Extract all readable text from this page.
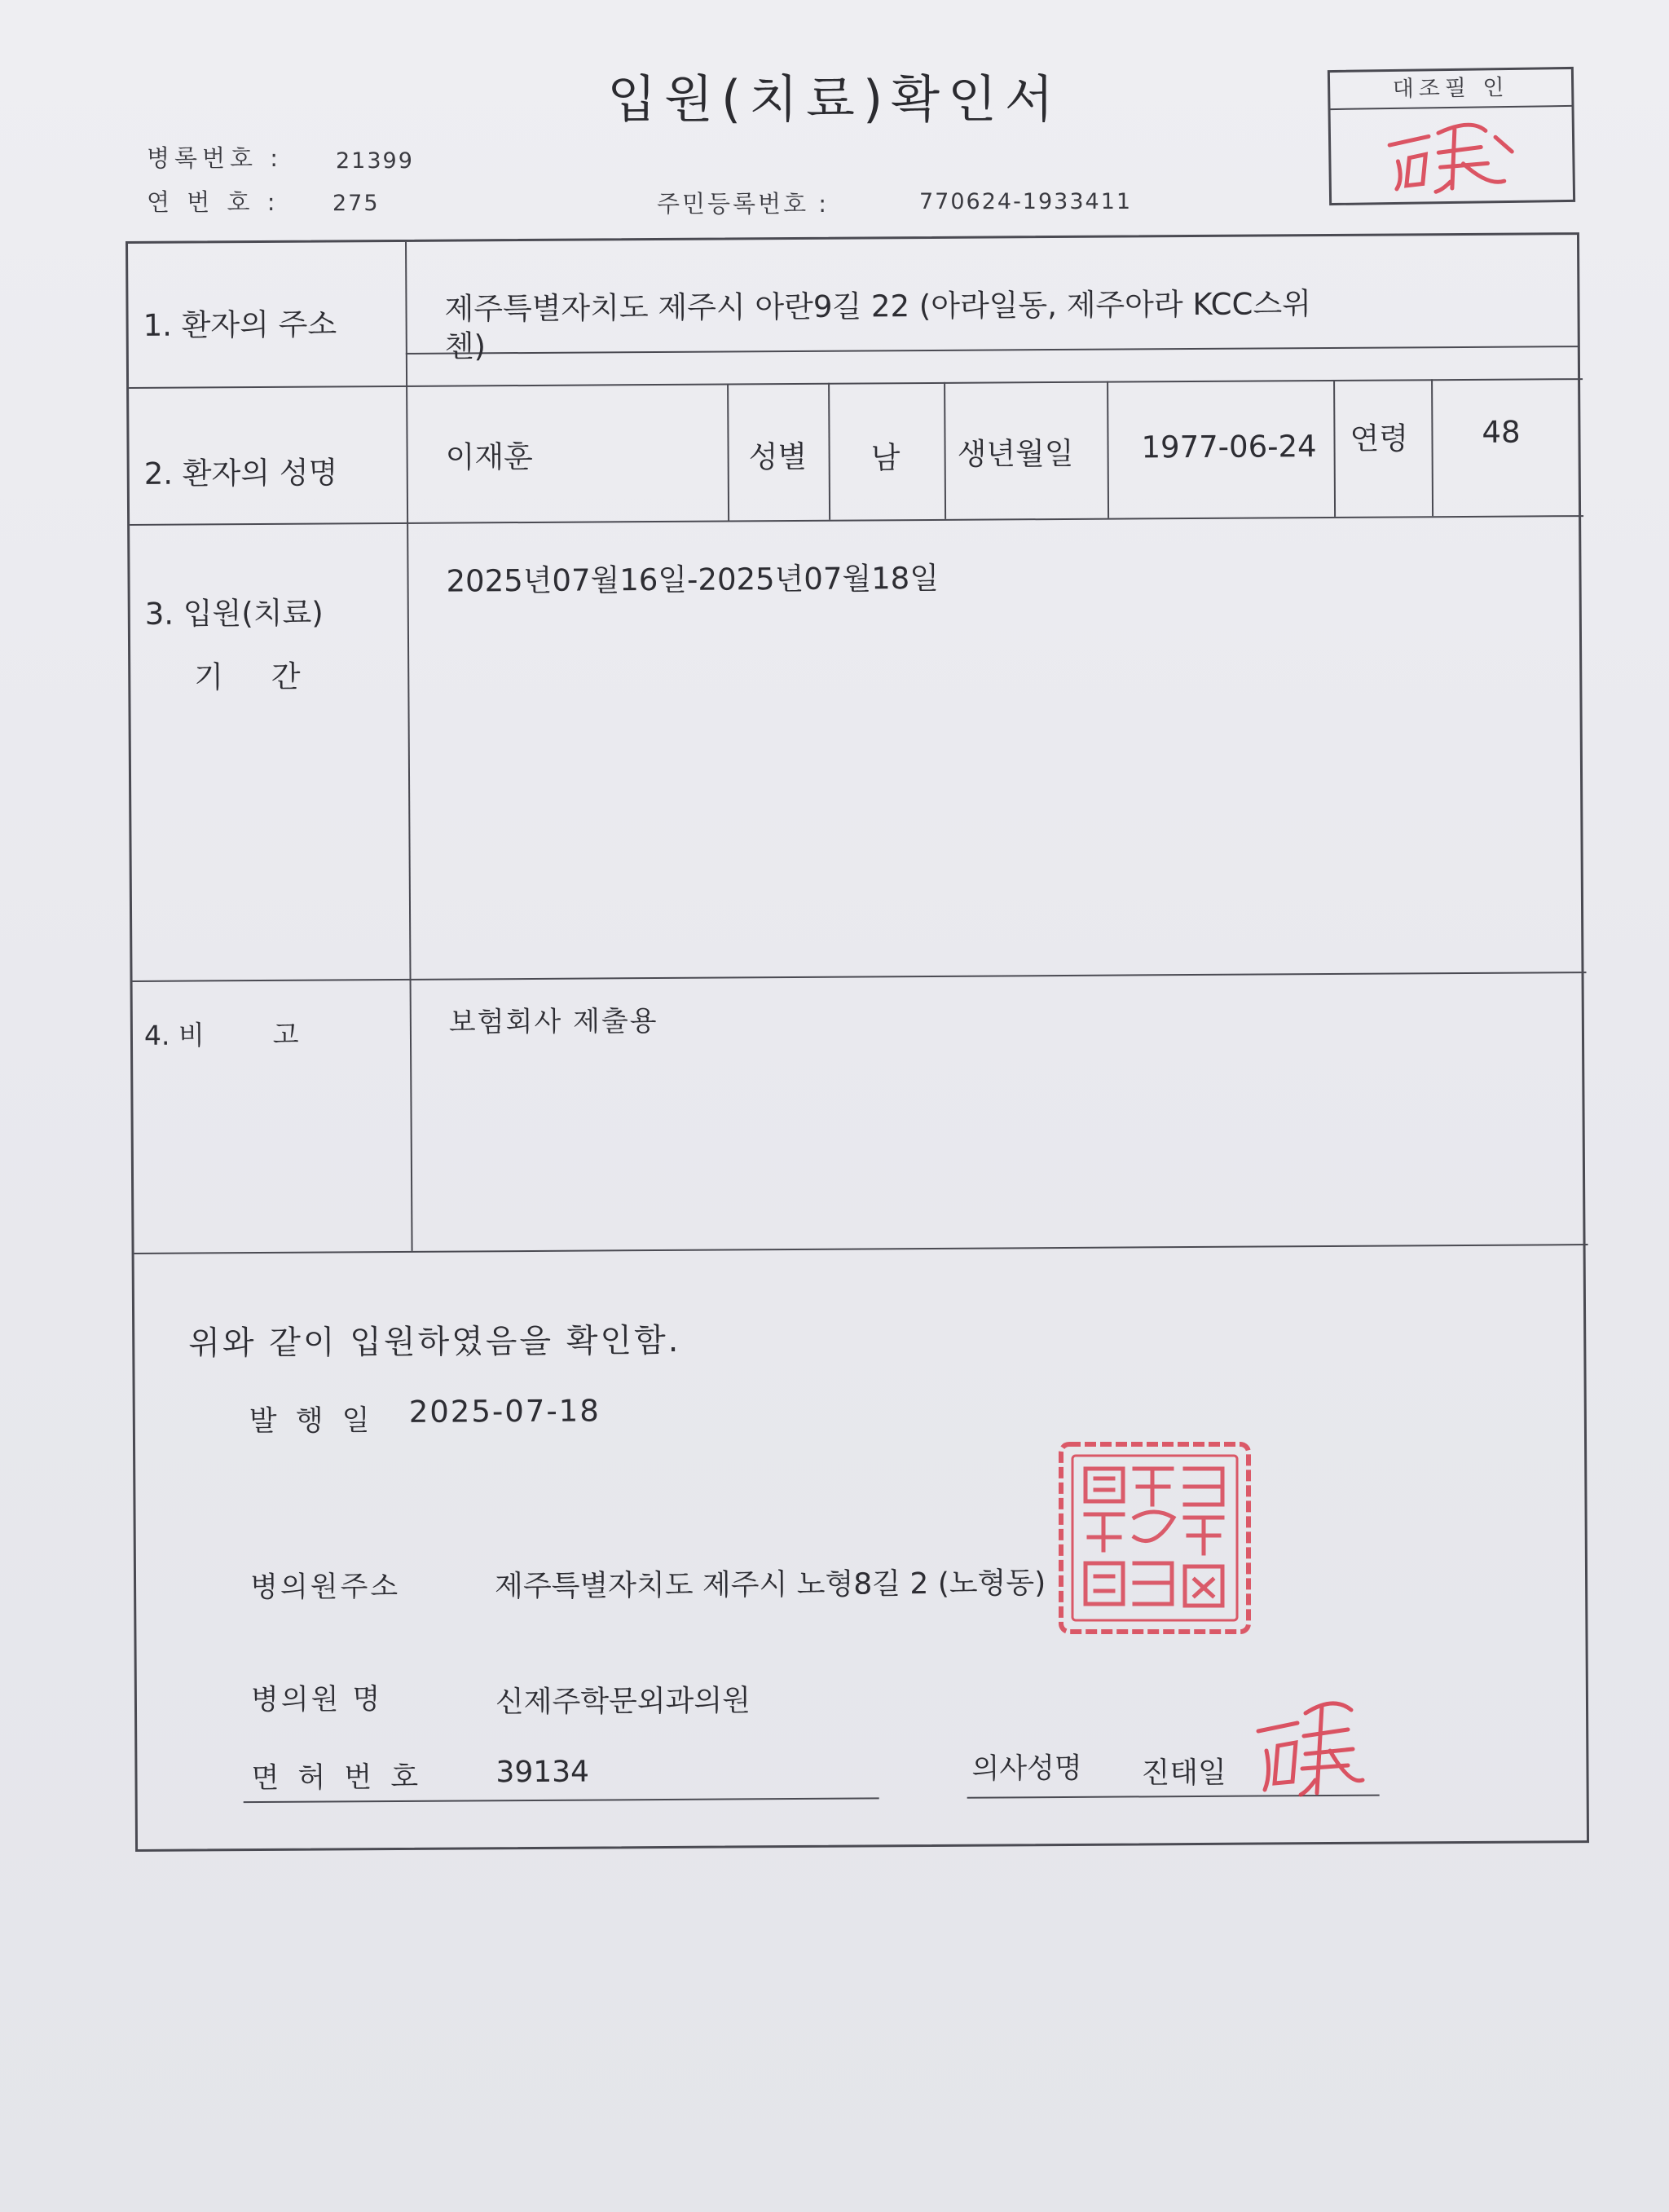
입원(치료)확인서
병록번호 : 21399
연 번 호 : 275	주민등록번호 :	770624-1933411
대조필 인
1. 환자의 주소	제주특별자치도 제주시 아란9길 22 (아라일동, 제주아라 KCC스위
첸)
2. 환자의 성명	이재훈	성별 남 생년월일 1977-06-24 연령 48
3. 입원(치료)
기     간
2025년07월16일-2025년07월18일
4. 비        고	보험회사 제출용
위와 같이 입원하였음을 확인함.
발 행 일 2025-07-18
병의원주소	제주특별자치도 제주시 노형8길 2 (노형동)
병의원 명	신제주학문외과의원
면 허 번 호 39134	의사성명 진태일
